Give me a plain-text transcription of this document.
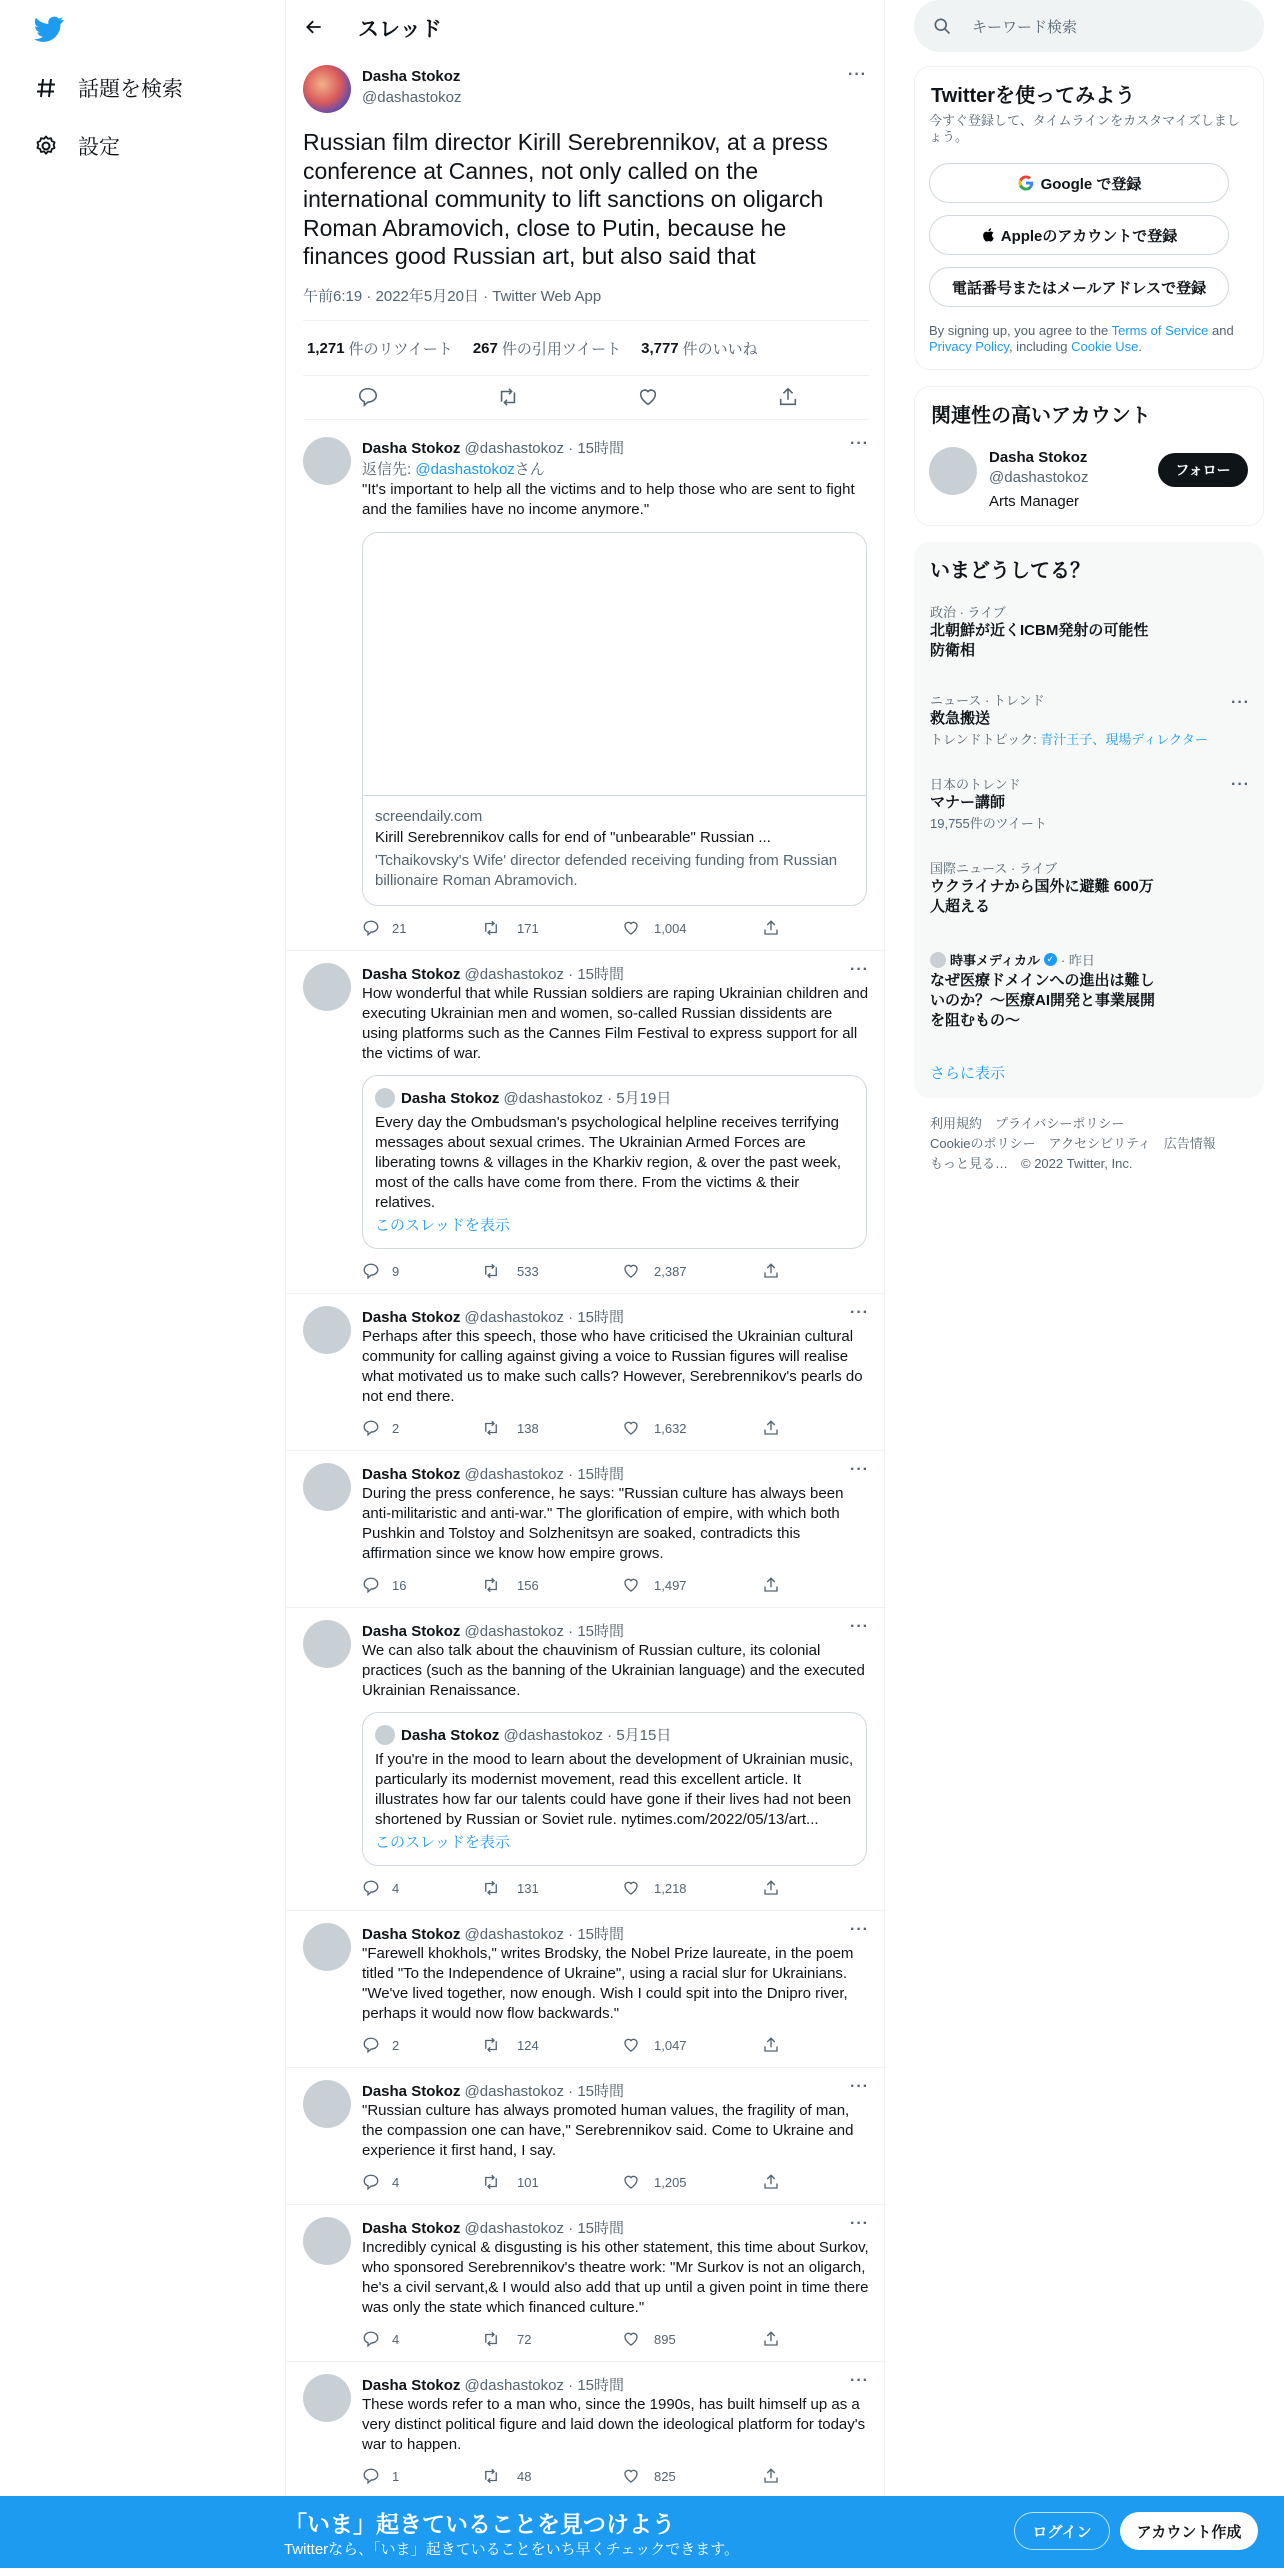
話題を検索
設定
スレッド
Dasha Stokoz
@dashastokoz
···
Russian film director Kirill Serebrennikov, at a press conference at Cannes, not only called on the international community to lift sanctions on oligarch Roman Abramovich, close to Putin, because he finances good Russian art, but also said that
午前6:19 · 2022年5月20日 · Twitter Web App
1,271 件のリツイート 267 件の引用ツイート 3,777 件のいいね
Dasha Stokoz @dashastokoz · 15時間	···
返信先: @dashastokozさん
"It's important to help all the victims and to help those who are sent to fight and the families have no income anymore."
screendaily.com
Kirill Serebrennikov calls for end of "unbearable" Russian ...
'Tchaikovsky's Wife' director defended receiving funding from Russian billionaire Roman Abramovich.
21	171	1,004
Dasha Stokoz @dashastokoz · 15時間	···
How wonderful that while Russian soldiers are raping Ukrainian children and executing Ukrainian men and women, so-called Russian dissidents are using platforms such as the Cannes Film Festival to express support for all the victims of war.
Dasha Stokoz @dashastokoz · 5月19日
Every day the Ombudsman's psychological helpline receives terrifying messages about sexual crimes. The Ukrainian Armed Forces are liberating towns & villages in the Kharkiv region, & over the past week, most of the calls have come from there. From the victims & their relatives.
このスレッドを表示
9	533	2,387
Dasha Stokoz @dashastokoz · 15時間	···
Perhaps after this speech, those who have criticised the Ukrainian cultural community for calling against giving a voice to Russian figures will realise what motivated us to make such calls? However, Serebrennikov's pearls do not end there.
2	138	1,632
Dasha Stokoz @dashastokoz · 15時間	···
During the press conference, he says: "Russian culture has always been anti-militaristic and anti-war." The glorification of empire, with which both Pushkin and Tolstoy and Solzhenitsyn are soaked, contradicts this affirmation since we know how empire grows.
16	156	1,497
Dasha Stokoz @dashastokoz · 15時間	···
We can also talk about the chauvinism of Russian culture, its colonial practices (such as the banning of the Ukrainian language) and the executed Ukrainian Renaissance.
Dasha Stokoz @dashastokoz · 5月15日
If you're in the mood to learn about the development of Ukrainian music, particularly its modernist movement, read this excellent article. It illustrates how far our talents could have gone if their lives had not been shortened by Russian or Soviet rule. nytimes.com/2022/05/13/art...
このスレッドを表示
4	131	1,218
Dasha Stokoz @dashastokoz · 15時間	···
"Farewell khokhols," writes Brodsky, the Nobel Prize laureate, in the poem titled "To the Independence of Ukraine", using a racial slur for Ukrainians. "We've lived together, now enough. Wish I could spit into the Dnipro river, perhaps it would now flow backwards."
2	124	1,047
Dasha Stokoz @dashastokoz · 15時間	···
"Russian culture has always promoted human values, the fragility of man, the compassion one can have," Serebrennikov said. Come to Ukraine and experience it first hand, I say.
4	101	1,205
Dasha Stokoz @dashastokoz · 15時間	···
Incredibly cynical & disgusting is his other statement, this time about Surkov, who sponsored Serebrennikov's theatre work: "Mr Surkov is not an oligarch, he's a civil servant,& I would also add that up until a given point in time there was only the state which financed culture."
4	72	895
Dasha Stokoz @dashastokoz · 15時間	···
These words refer to a man who, since the 1990s, has built himself up as a very distinct political figure and laid down the ideological platform for today's war to happen.
1	48	825
キーワード検索
Twitterを使ってみよう
今すぐ登録して、タイムラインをカスタマイズしましょう。
Google で登録
Appleのアカウントで登録
電話番号またはメールアドレスで登録
By signing up, you agree to the Terms of Service and Privacy Policy, including Cookie Use.
関連性の高いアカウント
Dasha Stokoz
@dashastokoz
Arts Manager
フォロー
いまどうしてる？
政治 · ライブ
北朝鮮が近くICBM発射の可能性 防衛相
ニュース · トレンド
救急搬送
トレンドトピック: 青汁王子、現場ディレクター
···
日本のトレンド
マナー講師
19,755件のツイート
···
国際ニュース · ライブ
ウクライナから国外に避難 600万人超える
時事メディカル ✓ · 昨日
なぜ医療ドメインへの進出は難しいのか？～医療AI開発と事業展開を阻むもの～
さらに表示
利用規約　プライバシーポリシー
Cookieのポリシー　アクセシビリティ　広告情報
もっと見る…　© 2022 Twitter, Inc.
「いま」起きていることを見つけよう
Twitterなら、「いま」起きていることをいち早くチェックできます。
ログイン	アカウント作成
